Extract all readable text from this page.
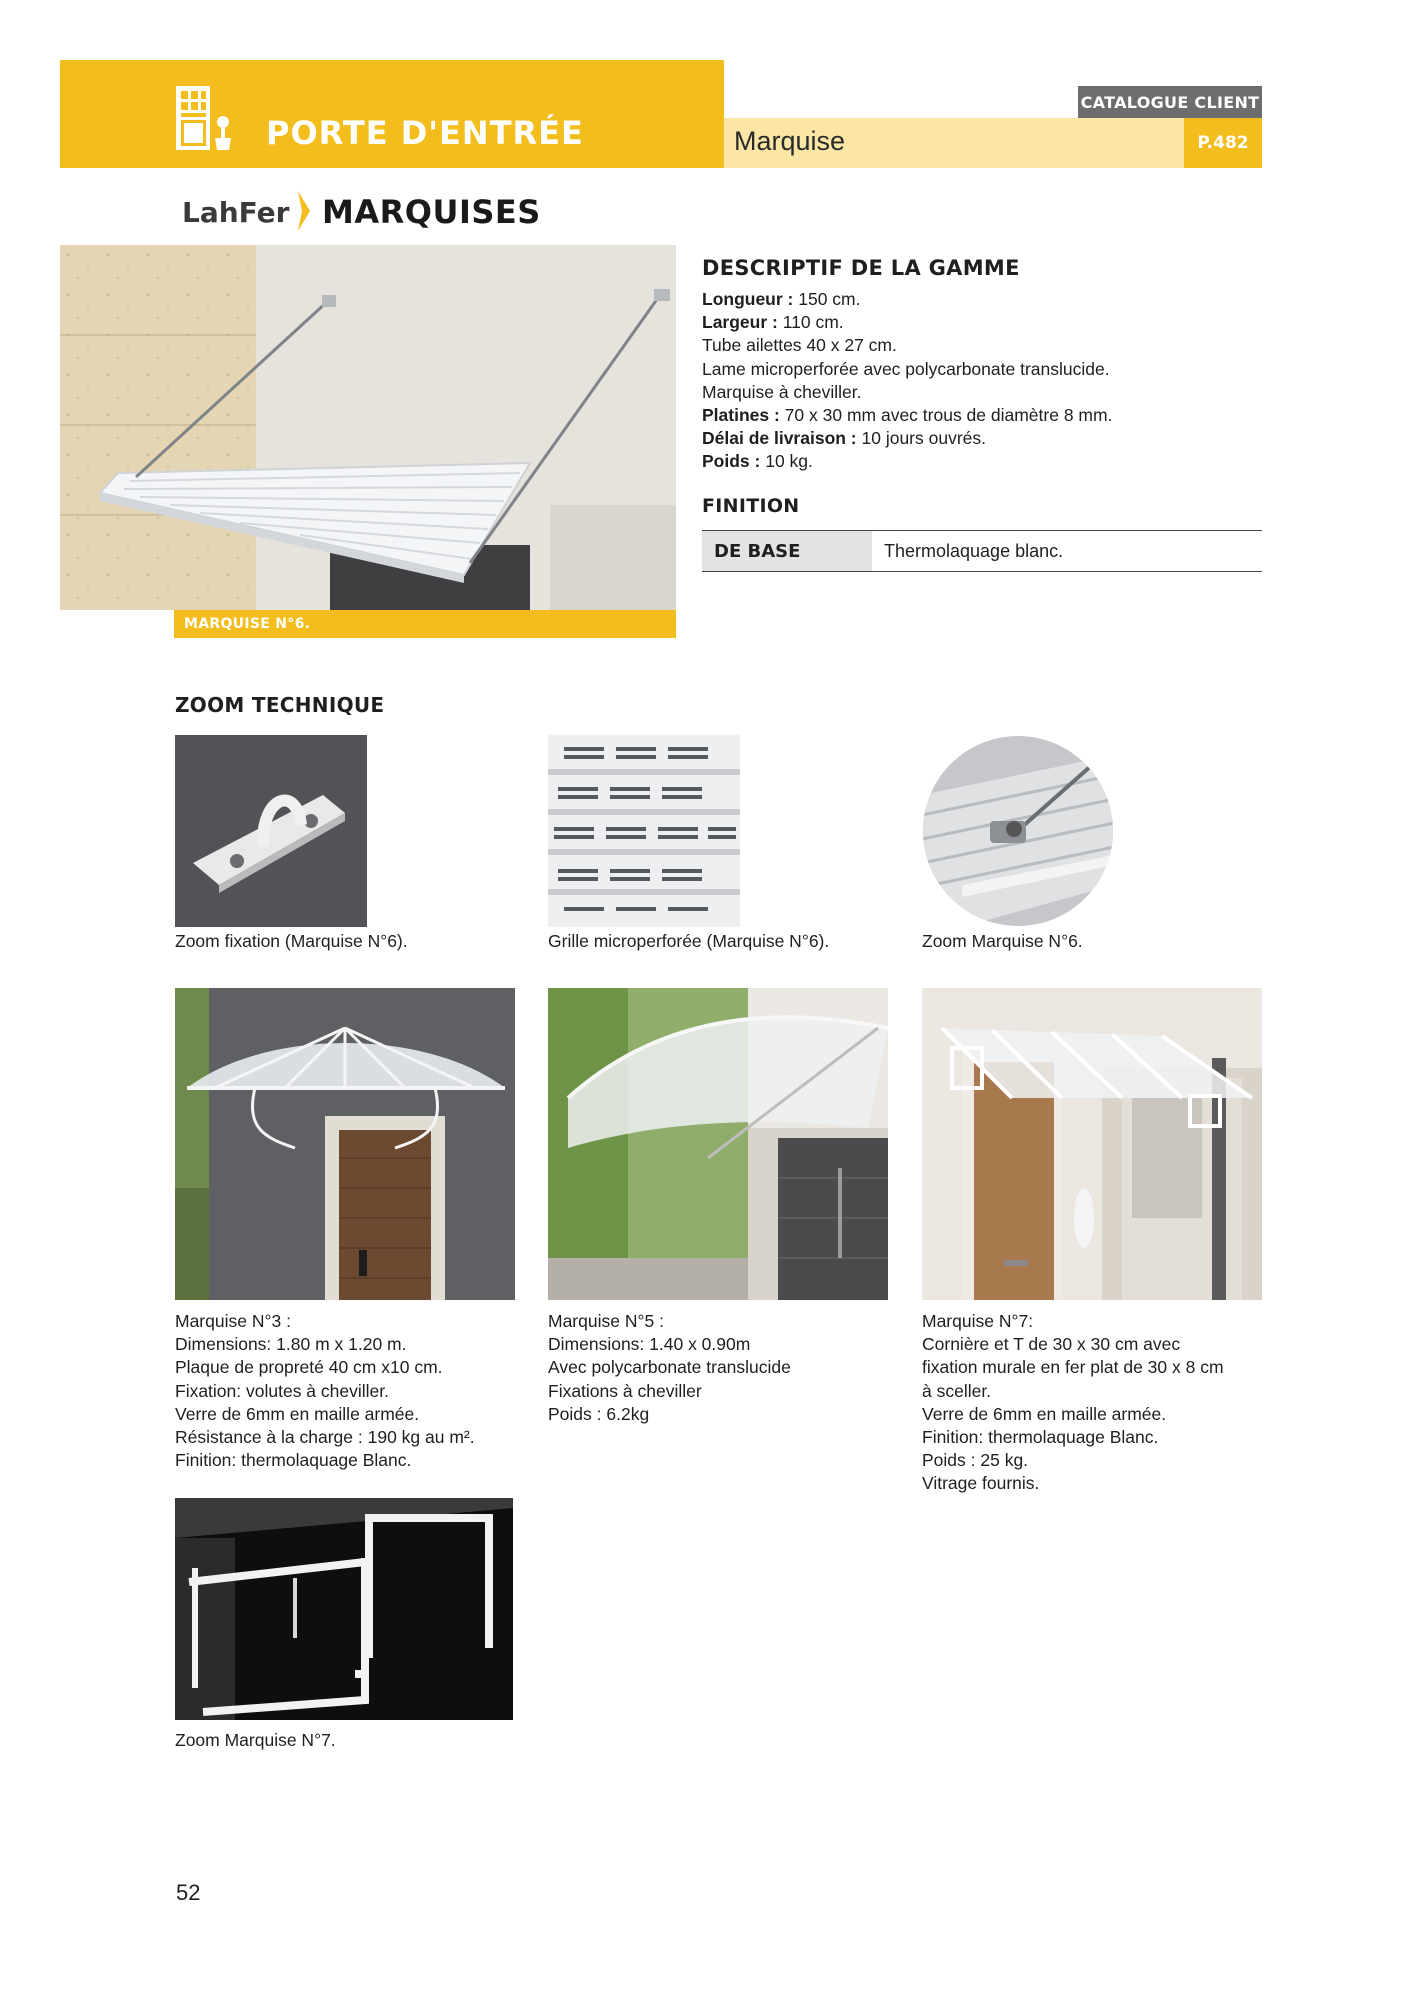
CATALOGUE CLIENT
P.482
PORTE D'ENTRÉE	Marquise
LahFer MARQUISES
MARQUISE N°6.
DESCRIPTIF DE LA GAMME
Longueur : 150 cm.
Largeur : 110 cm.
Tube ailettes 40 x 27 cm.
Lame microperforée avec polycarbonate translucide.
Marquise à cheviller.
Platines : 70 x 30 mm avec trous de diamètre 8 mm.
Délai de livraison : 10 jours ouvrés.
Poids : 10 kg.
FINITION
DE BASE	Thermolaquage blanc.
ZOOM TECHNIQUE
Zoom fixation (Marquise N°6).	Grille microperforée (Marquise N°6).	Zoom Marquise N°6.
Marquise N°3 :
Dimensions: 1.80 m x 1.20 m.
Plaque de propreté 40 cm x10 cm.
Fixation: volutes à cheviller.
Verre de 6mm en maille armée.
Résistance à la charge : 190 kg au m².
Finition: thermolaquage Blanc.
Marquise N°5 :
Dimensions: 1.40 x 0.90m
Avec polycarbonate translucide
Fixations à cheviller
Poids : 6.2kg
Marquise N°7:
Cornière et T de 30 x 30 cm avec
fixation murale en fer plat de 30 x 8 cm
à sceller.
Verre de 6mm en maille armée.
Finition: thermolaquage Blanc.
Poids : 25 kg.
Vitrage fournis.
Zoom Marquise N°7.
52
